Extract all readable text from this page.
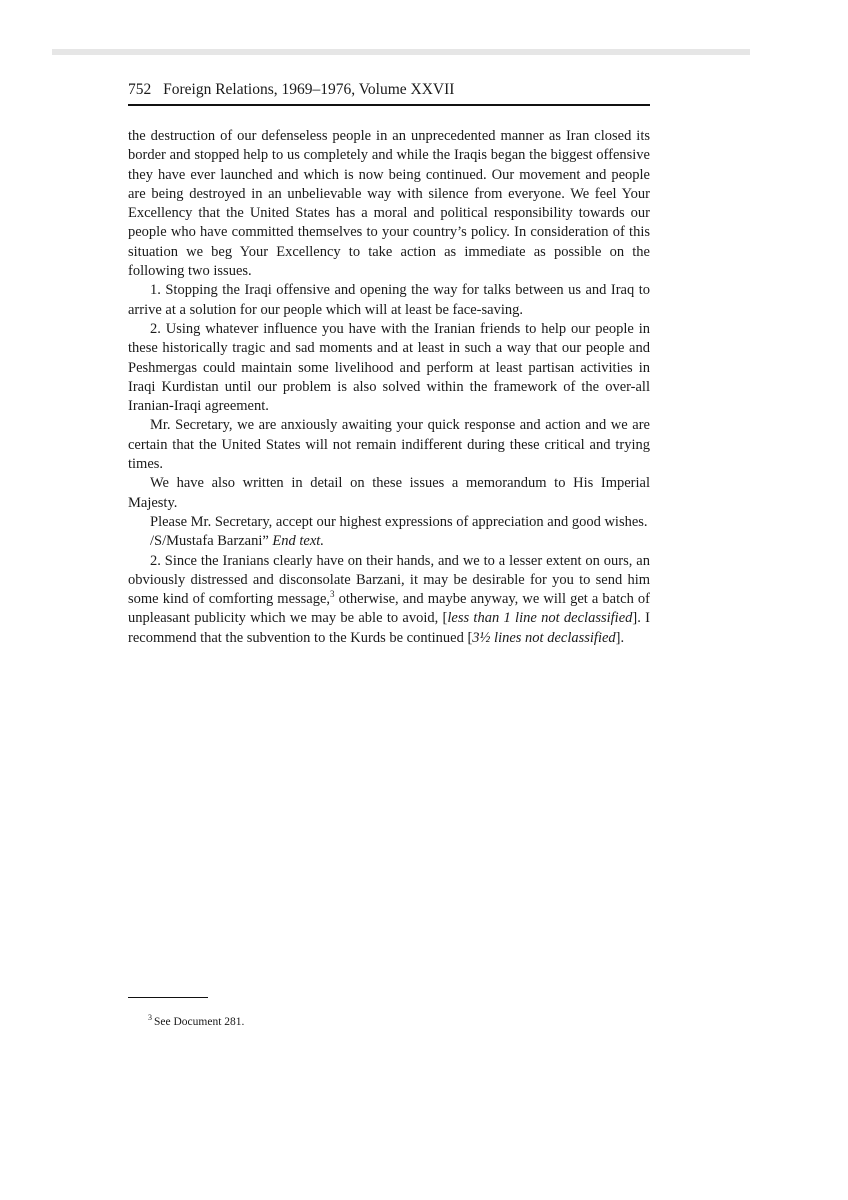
752 Foreign Relations, 1969–1976, Volume XXVII

the destruction of our defenseless people in an unprecedented manner as Iran closed its border and stopped help to us completely and while the Iraqis began the biggest offensive they have ever launched and which is now being continued. Our movement and people are being destroyed in an unbelievable way with silence from everyone. We feel Your Excellency that the United States has a moral and political responsibility towards our people who have committed themselves to your country’s policy. In consideration of this situation we beg Your Excellency to take action as immediate as possible on the following two issues.

1. Stopping the Iraqi offensive and opening the way for talks between us and Iraq to arrive at a solution for our people which will at least be face-saving.

2. Using whatever influence you have with the Iranian friends to help our people in these historically tragic and sad moments and at least in such a way that our people and Peshmergas could maintain some livelihood and perform at least partisan activities in Iraqi Kurdistan until our problem is also solved within the framework of the over-all Iranian-Iraqi agreement.

Mr. Secretary, we are anxiously awaiting your quick response and action and we are certain that the United States will not remain indifferent during these critical and trying times.

We have also written in detail on these issues a memorandum to His Imperial Majesty.

Please Mr. Secretary, accept our highest expressions of appreciation and good wishes.

/S/Mustafa Barzani” End text.

2. Since the Iranians clearly have on their hands, and we to a lesser extent on ours, an obviously distressed and disconsolate Barzani, it may be desirable for you to send him some kind of comforting message,$^3$ otherwise, and maybe anyway, we will get a batch of unpleasant publicity which we may be able to avoid, [less than 1 line not declassified]. I recommend that the subvention to the Kurds be continued [3½ lines not declassified].

$^3$ See Document 281.
